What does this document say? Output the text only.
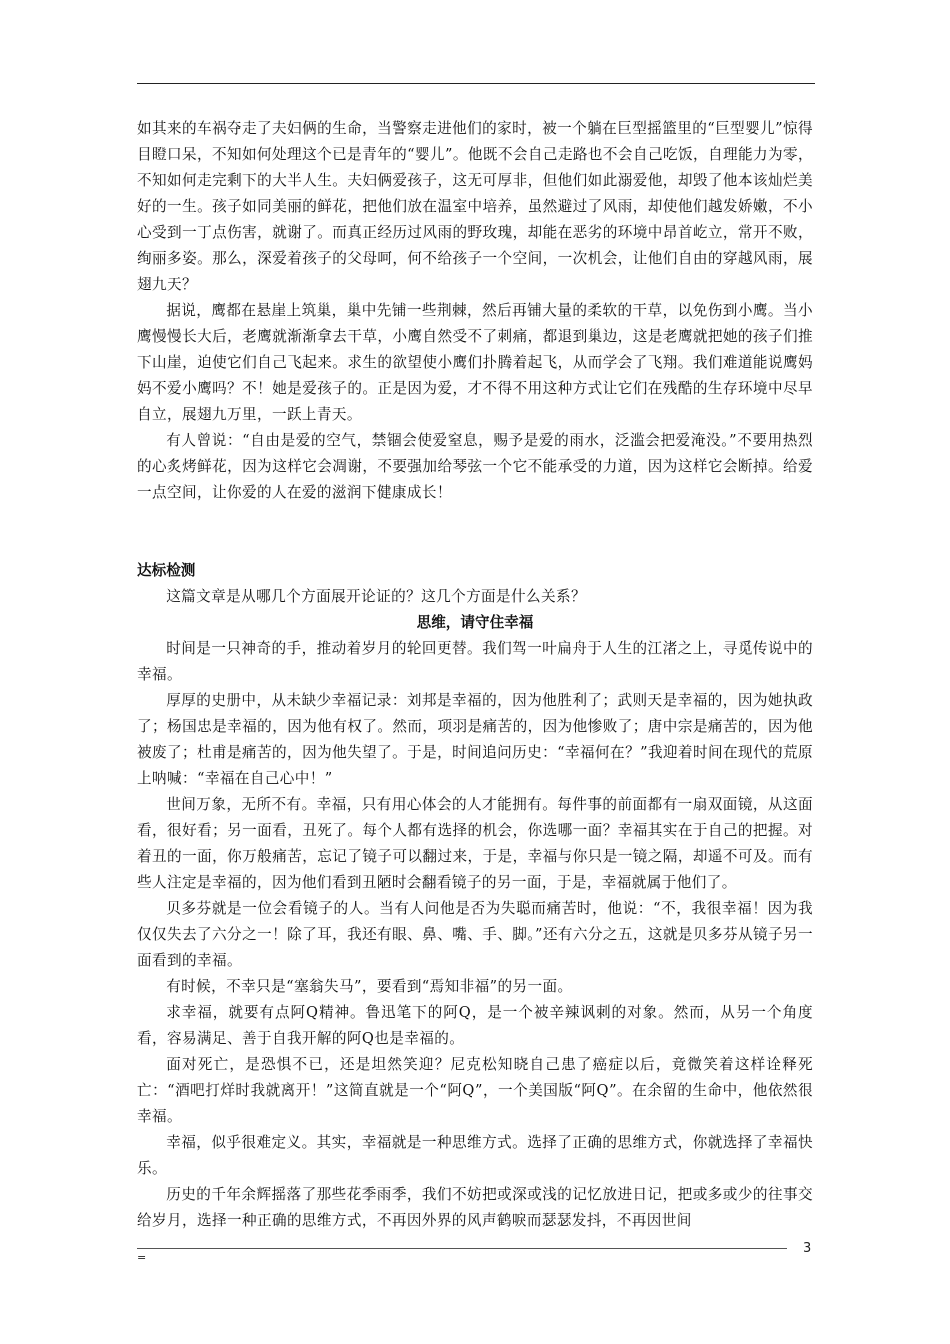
如其来的车祸夺走了夫妇俩的生命，当警察走进他们的家时，被一个躺在巨型摇篮里的“巨型婴儿”惊得目瞪口呆，不知如何处理这个已是青年的“婴儿”。他既不会自己走路也不会自己吃饭，自理能力为零，不知如何走完剩下的大半人生。夫妇俩爱孩子，这无可厚非，但他们如此溺爱他，却毁了他本该灿烂美好的一生。孩子如同美丽的鲜花，把他们放在温室中培养，虽然避过了风雨，却使他们越发娇嫩，不小心受到一丁点伤害，就谢了。而真正经历过风雨的野玫瑰，却能在恶劣的环境中昂首屹立，常开不败，绚丽多姿。那么，深爱着孩子的父母呵，何不给孩子一个空间，一次机会，让他们自由的穿越风雨，展翅九天？

据说，鹰都在悬崖上筑巢，巢中先铺一些荆棘，然后再铺大量的柔软的干草，以免伤到小鹰。当小鹰慢慢长大后，老鹰就渐渐拿去干草，小鹰自然受不了刺痛，都退到巢边，这是老鹰就把她的孩子们推下山崖，迫使它们自己飞起来。求生的欲望使小鹰们扑腾着起飞，从而学会了飞翔。我们难道能说鹰妈妈不爱小鹰吗？不！她是爱孩子的。正是因为爱，才不得不用这种方式让它们在残酷的生存环境中尽早自立，展翅九万里，一跃上青天。

有人曾说：“自由是爱的空气，禁锢会使爱窒息，赐予是爱的雨水，泛滥会把爱淹没。”不要用热烈的心炙烤鲜花，因为这样它会凋谢，不要强加给琴弦一个它不能承受的力道，因为这样它会断掉。给爱一点空间，让你爱的人在爱的滋润下健康成长！

达标检测

这篇文章是从哪几个方面展开论证的？这几个方面是什么关系？

思维，请守住幸福

时间是一只神奇的手，推动着岁月的轮回更替。我们驾一叶扁舟于人生的江渚之上，寻觅传说中的幸福。

厚厚的史册中，从未缺少幸福记录：刘邦是幸福的，因为他胜利了；武则天是幸福的，因为她执政了；杨国忠是幸福的，因为他有权了。然而，项羽是痛苦的，因为他惨败了；唐中宗是痛苦的，因为他被废了；杜甫是痛苦的，因为他失望了。于是，时间追问历史：“幸福何在？”我迎着时间在现代的荒原上呐喊：“幸福在自己心中！”

世间万象，无所不有。幸福，只有用心体会的人才能拥有。每件事的前面都有一扇双面镜，从这面看，很好看；另一面看，丑死了。每个人都有选择的机会，你选哪一面？幸福其实在于自己的把握。对着丑的一面，你万般痛苦，忘记了镜子可以翻过来，于是，幸福与你只是一镜之隔，却遥不可及。而有些人注定是幸福的，因为他们看到丑陋时会翻看镜子的另一面，于是，幸福就属于他们了。

贝多芬就是一位会看镜子的人。当有人问他是否为失聪而痛苦时，他说：“不，我很幸福！因为我仅仅失去了六分之一！除了耳，我还有眼、鼻、嘴、手、脚。”还有六分之五，这就是贝多芬从镜子另一面看到的幸福。

有时候，不幸只是“塞翁失马”，要看到“焉知非福”的另一面。

求幸福，就要有点阿Q精神。鲁迅笔下的阿Q，是一个被辛辣讽刺的对象。然而，从另一个角度看，容易满足、善于自我开解的阿Q也是幸福的。

面对死亡，是恐惧不已，还是坦然笑迎？尼克松知晓自己患了癌症以后，竟微笑着这样诠释死亡：“酒吧打烊时我就离开！”这简直就是一个“阿Q”，一个美国版“阿Q”。在余留的生命中，他依然很幸福。

幸福，似乎很难定义。其实，幸福就是一种思维方式。选择了正确的思维方式，你就选择了幸福快乐。

历史的千年余辉摇落了那些花季雨季，我们不妨把或深或浅的记忆放进日记，把或多或少的往事交给岁月，选择一种正确的思维方式，不再因外界的风声鹤唳而瑟瑟发抖，不再因世间

=
3
